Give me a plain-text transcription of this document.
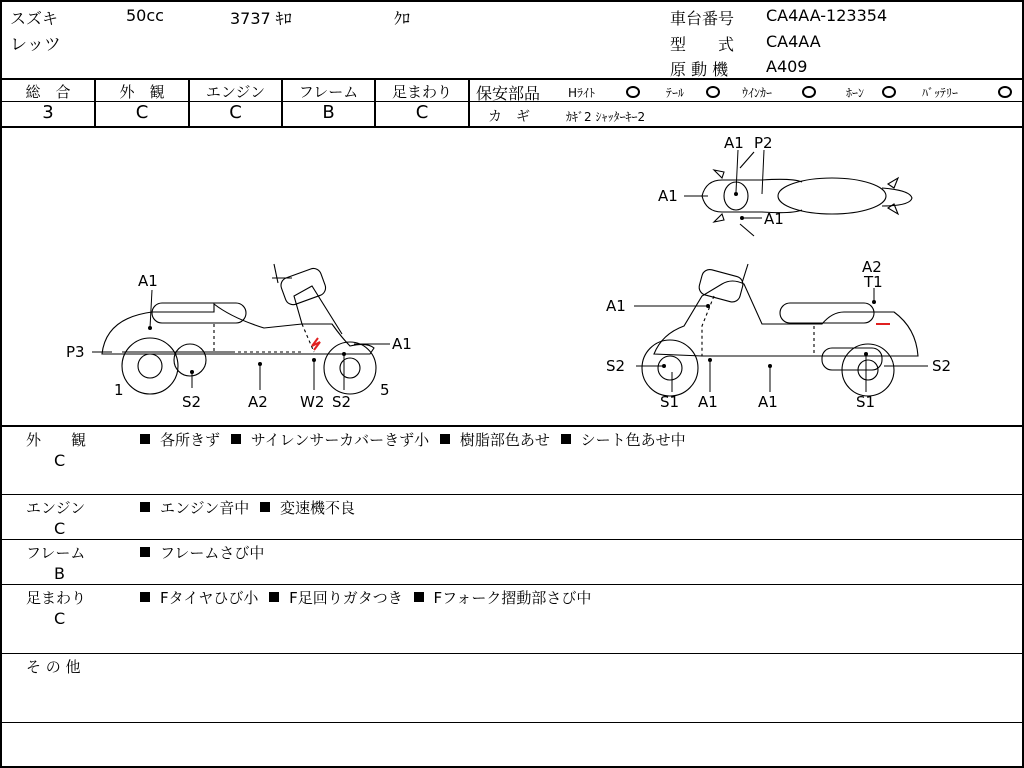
スズキ	50cc	3737 ｷﾛ	ｸﾛ
レッツ
車台番号 CA4AA-123354
型　　式 CA4AA
原 動 機 A409
総　合
3
外　観
C
エンジン
C
フレーム
B
足まわり
C
保安部品 Hﾗｲﾄ	ﾃｰﾙ	ｳｲﾝｶｰ	ﾎｰﾝ	ﾊﾞｯﾃﾘｰ
カ　ギ	ｶｷﾞ2 ｼｬｯﾀｰｷｰ2
A1
P3
1
S2	A2 W2 S2
5
A1
A1 P2
A1
A1
A1
A2
T1
S2
S1 A1	A1	S1
S2
外　　観
C
各所きず サイレンサーカバーきず小 樹脂部色あせ シート色あせ中
エンジン
C
エンジン音中 変速機不良
フレーム
B
フレームさび中
足まわり
C
Fタイヤひび小 F足回りガタつき Fフォーク摺動部さび中
そ の 他
